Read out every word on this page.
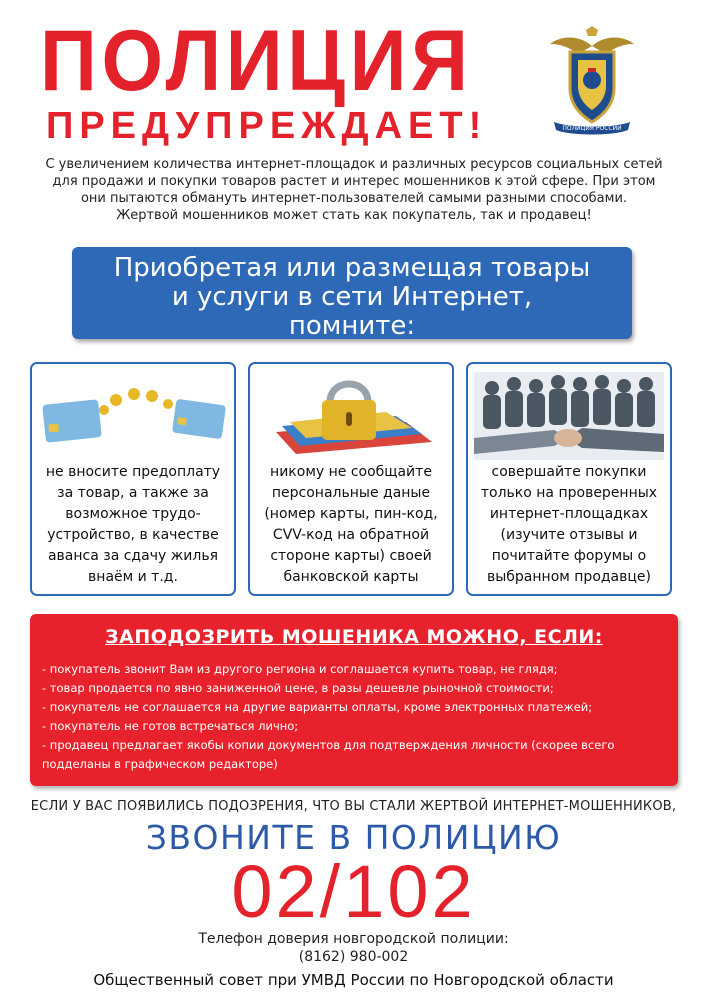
ПОЛИЦИЯ
ПРЕДУПРЕЖДАЕТ!	ПОЛИЦИЯ РОССИИ
С увеличением количества интернет-площадок и различных ресурсов социальных сетей
для продажи и покупки товаров растет и интерес мошенников к этой сфере. При этом
они пытаются обмануть интернет-пользователей самыми разными способами.
Жертвой мошенников может стать как покупатель, так и продавец!
Приобретая или размещая товары
и услуги в сети Интернет,
помните:
не вносите предоплату
за товар, а также за
возможное трудо-
устройство, в качестве
аванса за сдачу жилья
внаём и т.д.
никому не сообщайте
персональные даные
(номер карты, пин-код,
CVV-код на обратной
стороне карты) своей
банковской карты
совершайте покупки
только на проверенных
интернет-площадках
(изучите отзывы и
почитайте форумы о
выбранном продавце)
ЗАПОДОЗРИТЬ МОШЕНИКА МОЖНО, ЕСЛИ:
- покупатель звонит Вам из другого региона и соглашается купить товар, не глядя;
- товар продается по явно заниженной цене, в разы дешевле рыночной стоимости;
- покупатель не соглашается на другие варианты оплаты, кроме электронных платежей;
- покупатель не готов встречаться лично;
- продавец предлагает якобы копии документов для подтверждения личности (скорее всего
подделаны в графическом редакторе)
ЕСЛИ У ВАС ПОЯВИЛИСЬ ПОДОЗРЕНИЯ, ЧТО ВЫ СТАЛИ ЖЕРТВОЙ ИНТЕРНЕТ-МОШЕННИКОВ,
ЗВОНИТЕ В ПОЛИЦИЮ
02/102
Телефон доверия новгородской полиции:
(8162) 980-002
Общественный совет при УМВД России по Новгородской области
